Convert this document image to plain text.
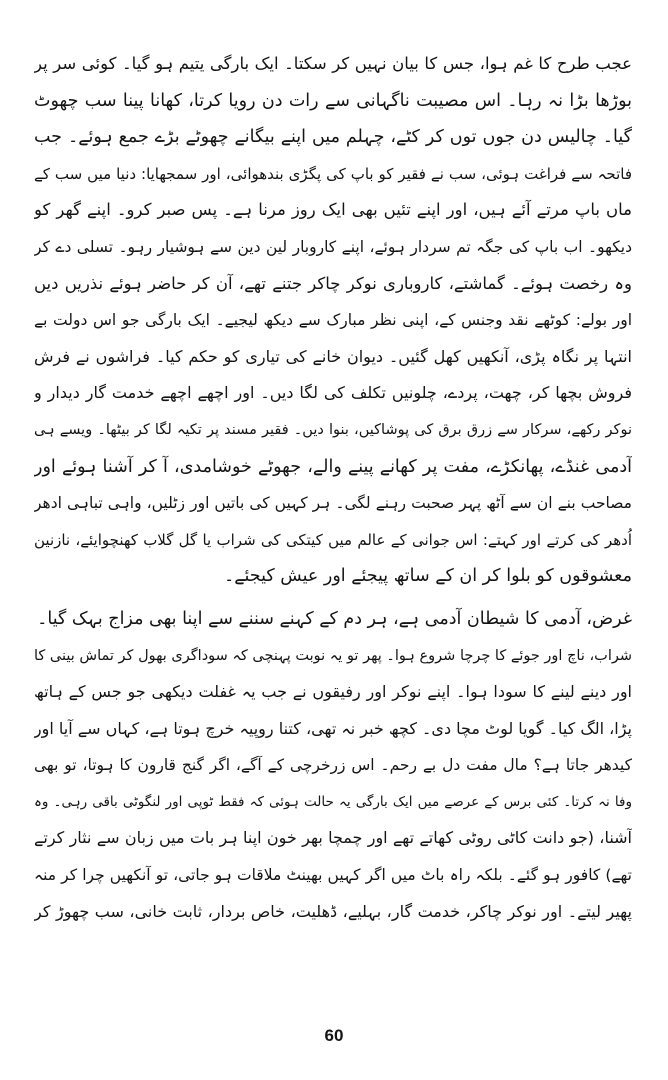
عجب طرح کا غم ہوا، جس کا بیان نہیں کر سکتا۔ ایک بارگی یتیم ہو گیا۔ کوئی سر پر
بوڑھا بڑا نہ رہا۔ اس مصیبت ناگہانی سے رات دن رویا کرتا، کھانا پینا سب چھوٹ
گیا۔ چالیس دن جوں توں کر کٹے، چہلم میں اپنے بیگانے چھوٹے بڑے جمع ہوئے۔ جب
فاتحہ سے فراغت ہوئی، سب نے فقیر کو باپ کی پگڑی بندھوائی، اور سمجھایا: دنیا میں سب کے
ماں باپ مرتے آئے ہیں، اور اپنے تئیں بھی ایک روز مرنا ہے۔ پس صبر کرو۔ اپنے گھر کو
دیکھو۔ اب باپ کی جگہ تم سردار ہوئے، اپنے کاروبار لین دین سے ہوشیار رہو۔ تسلی دے کر
وہ رخصت ہوئے۔ گماشتے، کاروباری نوکر چاکر جتنے تھے، آن کر حاضر ہوئے نذریں دیں
اور بولے: کوٹھے نقد وجنس کے، اپنی نظر مبارک سے دیکھ لیجیے۔ ایک بارگی جو اس دولت بے
انتہا پر نگاہ پڑی، آنکھیں کھل گئیں۔ دیوان خانے کی تیاری کو حکم کیا۔ فراشوں نے فرش
فروش بچھا کر، چھت، پردے، چلونیں تکلف کی لگا دیں۔ اور اچھے اچھے خدمت گار دیدار و
نوکر رکھے، سرکار سے زرق برق کی پوشاکیں، بنوا دیں۔ فقیر مسند پر تکیہ لگا کر بیٹھا۔ ویسے ہی
آدمی غنڈے، پھانکڑے، مفت پر کھانے پینے والے، جھوٹے خوشامدی، آ کر آشنا ہوئے اور
مصاحب بنے ان سے آٹھ پہر صحبت رہنے لگی۔ ہر کہیں کی باتیں اور زٹلیں، واہی تباہی ادھر
اُدھر کی کرتے اور کہتے: اس جوانی کے عالم میں کیتکی کی شراب یا گل گلاب کھنچوایئے، نازنین
معشوقوں کو بلوا کر ان کے ساتھ پیجئے اور عیش کیجئے۔
غرض، آدمی کا شیطان آدمی ہے، ہر دم کے کہنے سننے سے اپنا بھی مزاج بہک گیا۔
شراب، ناچ اور جوئے کا چرچا شروع ہوا۔ پھر تو یہ نوبت پہنچی کہ سوداگری بھول کر تماش بینی کا
اور دینے لینے کا سودا ہوا۔ اپنے نوکر اور رفیقوں نے جب یہ غفلت دیکھی جو جس کے ہاتھ
پڑا، الگ کیا۔ گویا لوٹ مچا دی۔ کچھ خبر نہ تھی، کتنا روپیہ خرچ ہوتا ہے، کہاں سے آیا اور
کیدھر جاتا ہے؟ مال مفت دل بے رحم۔ اس زرخرچی کے آگے، اگر گنج قارون کا ہوتا، تو بھی
وفا نہ کرتا۔ کئی برس کے عرصے میں ایک بارگی یہ حالت ہوئی کہ فقط ٹوپی اور لنگوٹی باقی رہی۔ وہ
آشنا، (جو دانت کاٹی روٹی کھاتے تھے اور چمچا بھر خون اپنا ہر بات میں زبان سے نثار کرتے
تھے) کافور ہو گئے۔ بلکہ راہ باٹ میں اگر کہیں بھینٹ ملاقات ہو جاتی، تو آنکھیں چرا کر منہ
پھیر لیتے۔ اور نوکر چاکر، خدمت گار، بہلیے، ڈھلیت، خاص بردار، ثابت خانی، سب چھوڑ کر
60
